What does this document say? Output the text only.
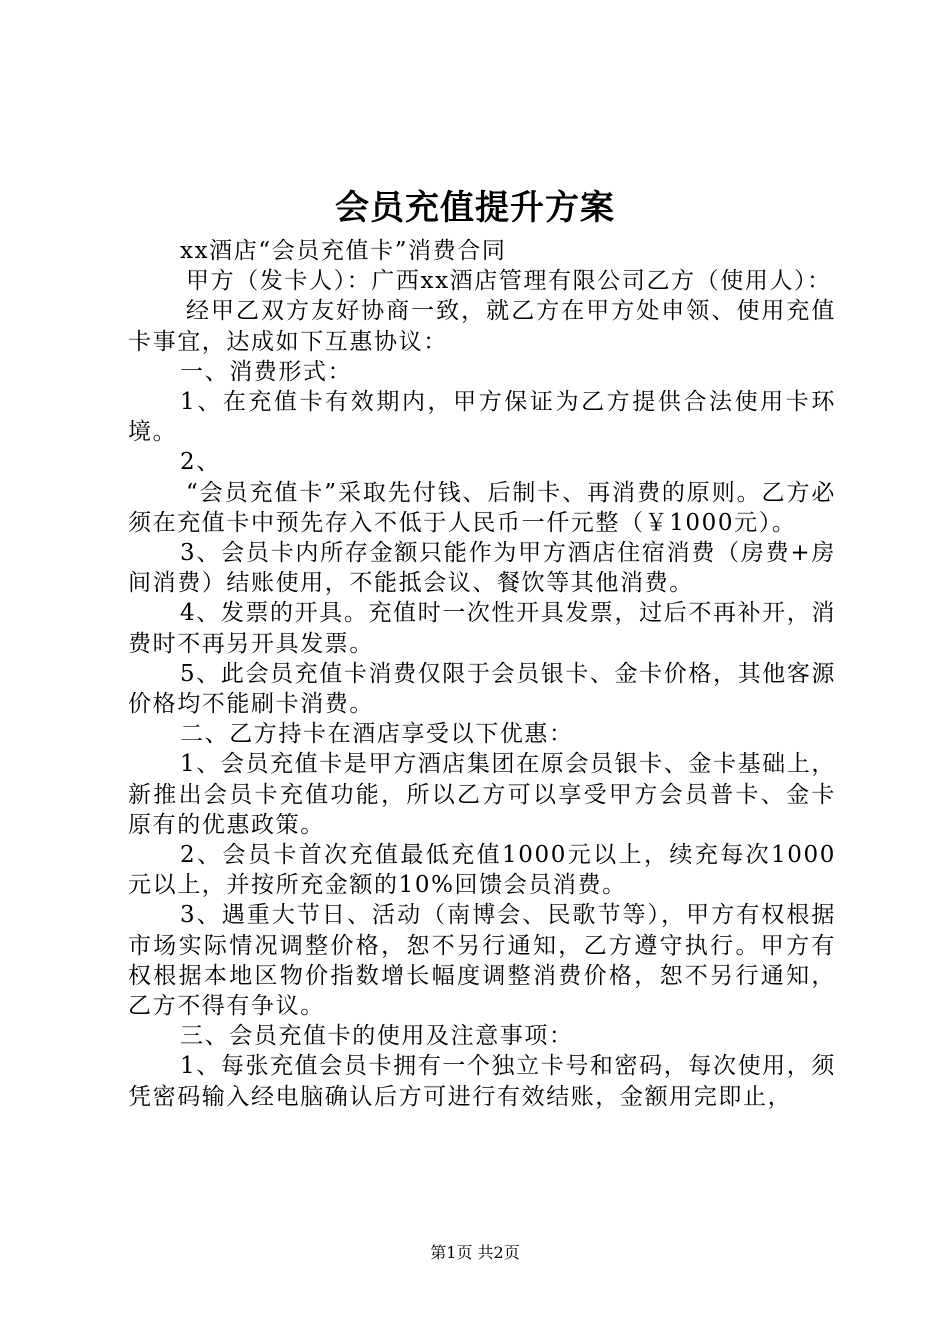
会员充值提升方案

xx酒店“会员充值卡”消费合同

甲方（发卡人）：广西xx酒店管理有限公司乙方（使用人）：

经甲乙双方友好协商一致，就乙方在甲方处申领、使用充值卡事宜，达成如下互惠协议：

一、消费形式：

1、在充值卡有效期内，甲方保证为乙方提供合法使用卡环境。

2、

“会员充值卡”采取先付钱、后制卡、再消费的原则。乙方必须在充值卡中预先存入不低于人民币一仟元整（￥1000元）。

3、会员卡内所存金额只能作为甲方酒店住宿消费（房费+房间消费）结账使用，不能抵会议、餐饮等其他消费。

4、发票的开具。充值时一次性开具发票，过后不再补开，消费时不再另开具发票。

5、此会员充值卡消费仅限于会员银卡、金卡价格，其他客源价格均不能刷卡消费。

二、乙方持卡在酒店享受以下优惠：

1、会员充值卡是甲方酒店集团在原会员银卡、金卡基础上，新推出会员卡充值功能，所以乙方可以享受甲方会员普卡、金卡原有的优惠政策。

2、会员卡首次充值最低充值1000元以上，续充每次1000元以上，并按所充金额的10%回馈会员消费。

3、遇重大节日、活动（南博会、民歌节等），甲方有权根据市场实际情况调整价格，恕不另行通知，乙方遵守执行。甲方有权根据本地区物价指数增长幅度调整消费价格，恕不另行通知，乙方不得有争议。

三、会员充值卡的使用及注意事项：

1、每张充值会员卡拥有一个独立卡号和密码，每次使用，须凭密码输入经电脑确认后方可进行有效结账，金额用完即止，

第1页 共2页
